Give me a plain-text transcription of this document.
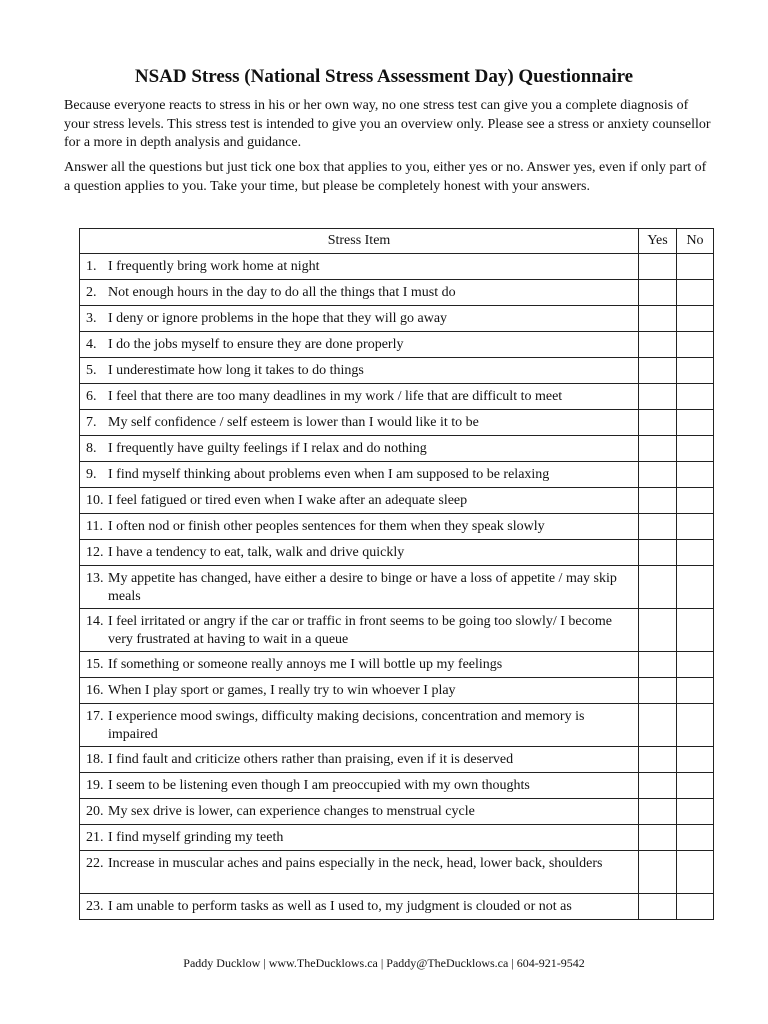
NSAD Stress (National Stress Assessment Day) Questionnaire

Because everyone reacts to stress in his or her own way, no one stress test can give you a complete diagnosis of your stress levels. This stress test is intended to give you an overview only. Please see a stress or anxiety counsellor for a more in depth analysis and guidance.

Answer all the questions but just tick one box that applies to you, either yes or no. Answer yes, even if only part of a question applies to you. Take your time, but please be completely honest with your answers.

Stress Item	Yes	No

1. I frequently bring work home at night		

2. Not enough hours in the day to do all the things that I must do		

3. I deny or ignore problems in the hope that they will go away		

4. I do the jobs myself to ensure they are done properly		

5. I underestimate how long it takes to do things		

6. I feel that there are too many deadlines in my work / life that are difficult to meet		

7. My self confidence / self esteem is lower than I would like it to be		

8. I frequently have guilty feelings if I relax and do nothing		

9. I find myself thinking about problems even when I am supposed to be relaxing		

10. I feel fatigued or tired even when I wake after an adequate sleep		

11. I often nod or finish other peoples sentences for them when they speak slowly		

12. I have a tendency to eat, talk, walk and drive quickly		

13. My appetite has changed, have either a desire to binge or have a loss of appetite / may skip meals		

14. I feel irritated or angry if the car or traffic in front seems to be going too slowly/ I become very frustrated at having to wait in a queue		

15. If something or someone really annoys me I will bottle up my feelings		

16. When I play sport or games, I really try to win whoever I play		

17. I experience mood swings, difficulty making decisions, concentration and memory is impaired		

18. I find fault and criticize others rather than praising, even if it is deserved		

19. I seem to be listening even though I am preoccupied with my own thoughts		

20. My sex drive is lower, can experience changes to menstrual cycle		

21. I find myself grinding my teeth		

22. Increase in muscular aches and pains especially in the neck, head, lower back, shoulders		

23. I am unable to perform tasks as well as I used to, my judgment is clouded or not as		

Paddy Ducklow | www.TheDucklows.ca | Paddy@TheDucklows.ca | 604-921-9542
